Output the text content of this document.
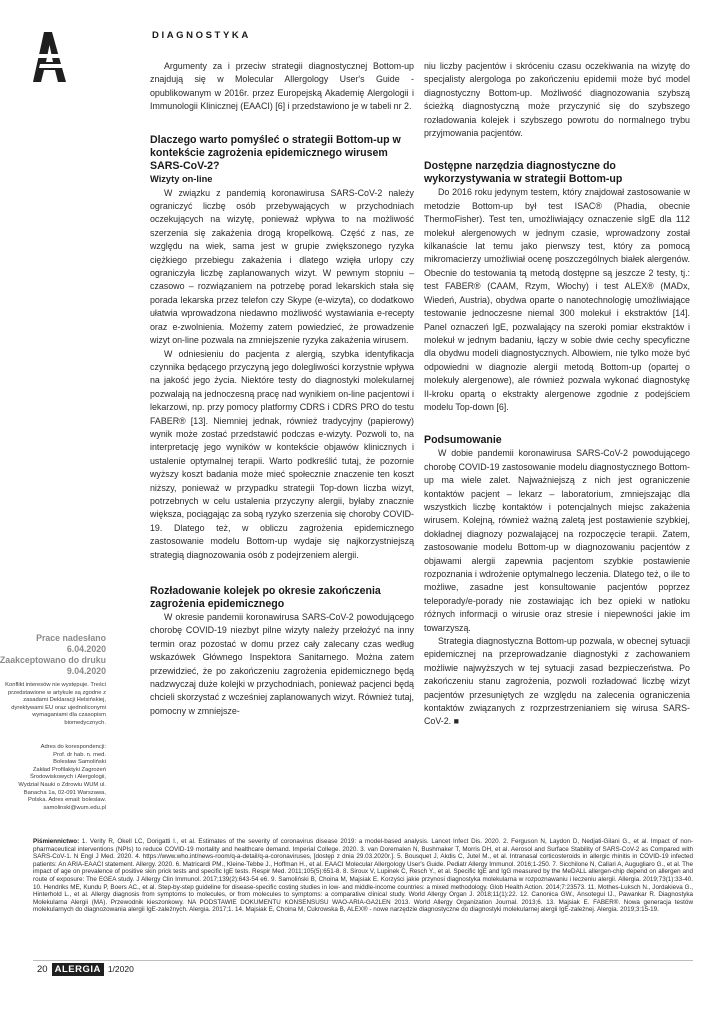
DIAGNOSTYKA

Argumenty za i przeciw strategii diagnostycznej Bottom-up znajdują się w Molecular Allergology User's Guide - opublikowanym w 2016r. przez Europejską Akademię Alergologii i Immunologii Klinicznej (EAACI) [6] i przedstawiono je w tabeli nr 2.

Dlaczego warto pomyśleć o strategii Bottom-up w kontekście zagrożenia epidemicznego wirusem SARS-CoV-2?
Wizyty on-line

W związku z pandemią koronawirusa SARS-CoV-2 należy ograniczyć liczbę osób przebywających w przychodniach oczekujących na wizytę, ponieważ wpływa to na możliwość szerzenia się zakażenia drogą kropelkową. Część z nas, ze względu na wiek, sama jest w grupie zwiększonego ryzyka ciężkiego przebiegu zakażenia i dlatego wzięła urlopy czy ograniczyła liczbę zaplanowanych wizyt. W pewnym stopniu – czasowo – rozwiązaniem na potrzebę porad lekarskich stała się porada lekarska przez telefon czy Skype (e-wizyta), co dodatkowo ułatwia wprowadzona niedawno możliwość wystawiania e-recepty oraz e-zwolnienia. Możemy zatem powiedzieć, że prowadzenie wizyt on-line pozwala na zmniejszenie ryzyka zakażenia wirusem.

W odniesieniu do pacjenta z alergią, szybka identyfikacja czynnika będącego przyczyną jego dolegliwości korzystnie wpływa na jakość jego życia. Niektóre testy do diagnostyki molekularnej pozwalają na jednoczesną pracę nad wynikiem on-line pacjentowi i lekarzowi, np. przy pomocy platformy CDRS i CDRS PRO do testu FABER® [13]. Niemniej jednak, również tradycyjny (papierowy) wynik może zostać przedstawić podczas e-wizyty. Pozwoli to, na interpretację jego wyników w kontekście objawów klinicznych i ustalenie optymalnej terapii. Warto podkreślić tutaj, że pozornie wyższy koszt badania może mieć społecznie znaczenie ten koszt niższy, ponieważ w przypadku strategii Top-down liczba wizyt, potrzebnych w celu ustalenia przyczyny alergii, byłaby znacznie większa, pociągając za sobą ryzyko szerzenia się choroby COVID-19. Dlatego też, w obliczu zagrożenia epidemicznego zastosowanie modelu Bottom-up wydaje się najkorzystniejszą strategią diagnozowania osób z podejrzeniem alergii.

Rozładowanie kolejek po okresie zakończenia zagrożenia epidemicznego

W okresie pandemii koronawirusa SARS-CoV-2 powodującego chorobę COVID-19 niezbyt pilne wizyty należy przełożyć na inny termin oraz pozostać w domu przez cały zalecany czas według wskazówek Głównego Inspektora Sanitarnego. Można zatem przewidzieć, że po zakończeniu zagrożenia epidemicznego będą nadzwyczaj duże kolejki w przychodniach, ponieważ pacjenci będą chcieli skorzystać z wcześniej zaplanowanych wizyt. Również tutaj, pomocny w zmniejsze-

niu liczby pacjentów i skróceniu czasu oczekiwania na wizytę do specjalisty alergologa po zakończeniu epidemii może być model diagnostyczny Bottom-up. Możliwość diagnozowania szybszą ścieżką diagnostyczną może przyczynić się do szybszego rozładowania kolejek i szybszego powrotu do normalnego trybu przyjmowania pacjentów.

Dostępne narzędzia diagnostyczne do wykorzystywania w strategii Bottom-up

Do 2016 roku jedynym testem, który znajdował zastosowanie w metodzie Bottom-up był test ISAC® (Phadia, obecnie ThermoFisher). Test ten, umożliwiający oznaczenie sIgE dla 112 molekuł alergenowych w jednym czasie, wprowadzony został kilkanaście lat temu jako pierwszy test, który za pomocą mikromacierzy umożliwiał ocenę poszczególnych białek alergenów. Obecnie do testowania tą metodą dostępne są jeszcze 2 testy, tj.: test FABER® (CAAM, Rzym, Włochy) i test ALEX® (MADx, Wiedeń, Austria), obydwa oparte o nanotechnologię umożliwiające testowanie jednoczesne niemal 300 molekuł i ekstraktów [14]. Panel oznaczeń IgE, pozwalający na szeroki pomiar ekstraktów i molekuł w jednym badaniu, łączy w sobie dwie cechy specyficzne dla obydwu modeli diagnostycznych. Albowiem, nie tylko może być odpowiedni w diagnozie alergii metodą Bottom-up (opartej o molekuły alergenowe), ale również pozwala wykonać diagnostykę II-kroku opartą o ekstrakty alergenowe zgodnie z podejściem modelu Top-down [6].

Podsumowanie

W dobie pandemii koronawirusa SARS-CoV-2 powodującego chorobę COVID-19 zastosowanie modelu diagnostycznego Bottom-up ma wiele zalet. Najważniejszą z nich jest ograniczenie kontaktów pacjent – lekarz – laboratorium, zmniejszając dla wszystkich liczbę kontaktów i potencjalnych miejsc zakażenia wirusem. Kolejną, również ważną zaletą jest postawienie szybkiej, dokładnej diagnozy pozwalającej na rozpoczęcie terapii. Zatem, zastosowanie modelu Bottom-up w diagnozowaniu pacjentów z objawami alergii zapewnia pacjentom szybkie postawienie rozpoznania i wdrożenie optymalnego leczenia. Dlatego też, o ile to możliwe, zasadne jest konsultowanie pacjentów poprzez teleporady/e-porady nie zostawiając ich bez opieki w natłoku różnych informacji o wirusie oraz stresie i niepewności jakie im towarzyszą.

Strategia diagnostyczna Bottom-up pozwala, w obecnej sytuacji epidemicznej na przeprowadzanie diagnostyki z zachowaniem możliwie najwyższych w tej sytuacji zasad bezpieczeństwa. Po zakończeniu stanu zagrożenia, pozwoli rozładować liczbę wizyt pacjentów przesuniętych ze względu na zalecenia ograniczenia kontaktów związanych z rozprzestrzenianiem się wirusa SARS-CoV-2. ■

Prace nadesłano 6.04.2020
Zaakceptowano do druku 9.04.2020
Konflikt interesów nie występuje. Treści przedstawione w artykule są zgodne z zasadami Deklaracji Helsińskiej, dyrektywami EU oraz ujednoliconymi wymaganiami dla czasopism biomedycznych.
Adres do korespondencji:
Prof. dr hab. n. med.
Bolesław Samoliński
Zakład Profilaktyki Zagrożeń
Środowiskowych i Alergologii,
Wydział Nauki o Zdrowiu WUM ul.
Banacha 1a, 02-091 Warszawa,
Polska. Adres email: boleslaw.
samolinski@wum.edu.pl

Piśmiennictwo: 1. Verity R, Okell LC, Dorigatti I., et al. Estimates of the severity of coronavirus disease 2019: a model-based analysis. Lancet Infect Dis. 2020. 2. Ferguson N, Laydon D, Nedjati-Gilani G., et al. Impact of non-pharmaceutical interventions (NPIs) to reduce COVID-19 mortality and healthcare demand. Imperial College. 2020. 3. van Doremalen N, Bushmaker T, Morris DH, et al. Aerosol and Surface Stability of SARS-CoV-2 as Compared with SARS-CoV-1. N Engl J Med. 2020. 4. https://www.who.int/news-room/q-a-detail/q-a-coronaviruses, [dostęp z dnia 29.03.2020r.]. 5. Bousquet J, Akdis C, Jutel M., et al. Intranasal corticosteroids in allergic rhinitis in COVID-19 infected patients: An ARIA-EAACI statement. Allergy. 2020. 6. Matricardi PM., Kleine-Tebbe J., Hoffman H., et al. EAACI Molecular Allergology User's Guide. Pediatr Allergy Immunol. 2016;1-250. 7. Sicchilone N, Callari A, Augugliaro G., et al. The impact of age on prevalence of positive skin prick tests and specific IgE tests. Respir Med. 2011;105(5):651-8. 8. Siroux V, Lupinek C, Resch Y., et al. Specific IgE and IgG measured by the MeDALL allergen-chip depend on allergen and route of exposure: The EGEA study. J Allergy Clin Immunol. 2017;139(2):643-54 e6. 9. Samoliński B, Choina M, Majsiak E. Korzyści jakie przynosi diagnostyka molekularna w rozpoznawaniu i leczeniu alergii. Allergia. 2019;73(1):33-40. 10. Hendriks ME, Kundu P, Boers AC., et al. Step-by-step guideline for disease-specific costing studies in low- and middle-income countries: a mixed methodology. Glob Health Action. 2014;7:23573. 11. Mothes-Luksch N., Jordakieva G., Hinterhold L., et al. Allergy diagnosis from symptoms to molecules, or from molecules to symptoms: a comparative clinical study. World Allergy Organ J. 2018;11(1):22. 12. Canonica GW., Ansotegui IJ., Pawankar R. Diagnostyka Molekularna Alergii (MA). Przewodnik kieszonkowy. NA PODSTAWIE DOKUMENTU KONSENSUSU WAO-ARIA-GA2LEN 2013. World Allergy Organization Journal. 2013;6. 13. Majsiak E. FABER®. Nowa generacja testów molekularnych do diagnozowania alergii IgE-zależnych. Alergia. 2017;1. 14. Majsiak E, Choina M, Cukrowska B, ALEX® - nowe narzędzie diagnostyczne do diagnostyki molekularnej alergii IgE-zależnej. Alergia. 2019;3:15-19.

20 ALERGIA 1/2020
